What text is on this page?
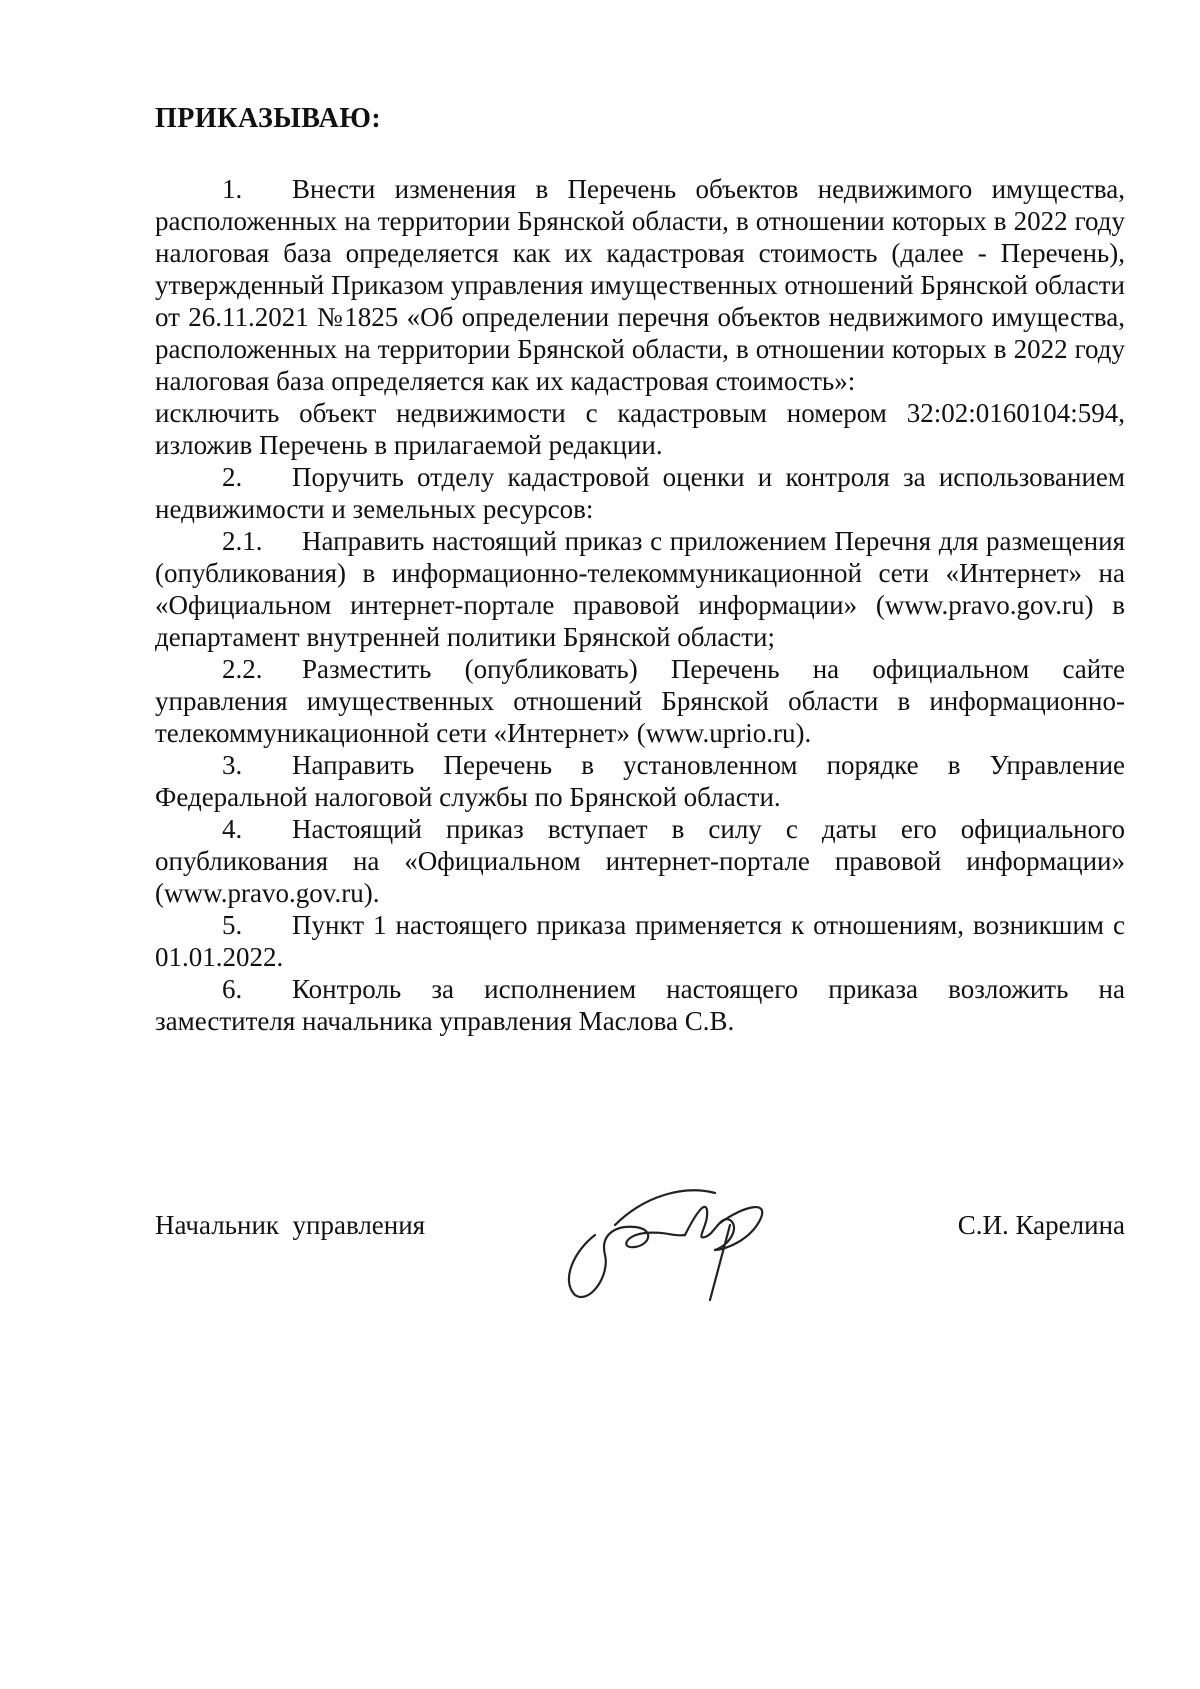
ПРИКАЗЫВАЮ:

1. Внести изменения в Перечень объектов недвижимого имущества, расположенных на территории Брянской области, в отношении которых в 2022 году налоговая база определяется как их кадастровая стоимость (далее - Перечень), утвержденный Приказом управления имущественных отношений Брянской области от 26.11.2021 №1825 «Об определении перечня объектов недвижимого имущества, расположенных на территории Брянской области, в отношении которых в 2022 году налоговая база определяется как их кадастровая стоимость»:

исключить объект недвижимости с кадастровым номером 32:02:0160104:594, изложив Перечень в прилагаемой редакции.

2. Поручить отделу кадастровой оценки и контроля за использованием недвижимости и земельных ресурсов:

2.1. Направить настоящий приказ с приложением Перечня для размещения (опубликования) в информационно-телекоммуникационной сети «Интернет» на «Официальном интернет-портале правовой информации» (www.pravo.gov.ru) в департамент внутренней политики Брянской области;

2.2. Разместить (опубликовать) Перечень на официальном сайте управления имущественных отношений Брянской области в информационно-телекоммуникационной сети «Интернет» (www.uprio.ru).

3. Направить Перечень в установленном порядке в Управление Федеральной налоговой службы по Брянской области.

4. Настоящий приказ вступает в силу с даты его официального опубликования на «Официальном интернет-портале правовой информации» (www.pravo.gov.ru).

5. Пункт 1 настоящего приказа применяется к отношениям, возникшим с 01.01.2022.

6. Контроль за исполнением настоящего приказа возложить на заместителя начальника управления Маслова С.В.

Начальник  управления	С.И. Карелина
